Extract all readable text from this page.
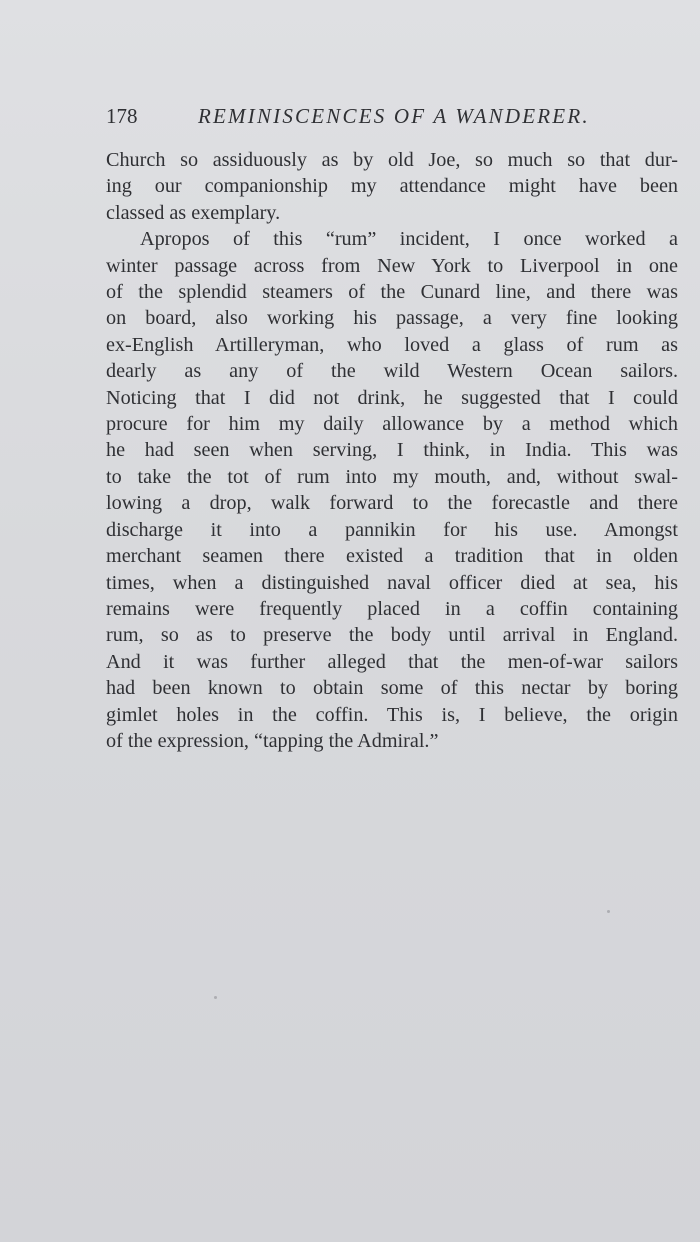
178	REMINISCENCES OF A WANDERER.
Church so assiduously as by old Joe, so much so that dur-
ing our companionship my attendance might have been
classed as exemplary.
Apropos of this “rum” incident, I once worked a
winter passage across from New York to Liverpool in one
of the splendid steamers of the Cunard line, and there was
on board, also working his passage, a very fine looking
ex-English Artilleryman, who loved a glass of rum as
dearly as any of the wild Western Ocean sailors.
Noticing that I did not drink, he suggested that I could
procure for him my daily allowance by a method which
he had seen when serving, I think, in India. This was
to take the tot of rum into my mouth, and, without swal-
lowing a drop, walk forward to the forecastle and there
discharge it into a pannikin for his use. Amongst
merchant seamen there existed a tradition that in olden
times, when a distinguished naval officer died at sea, his
remains were frequently placed in a coffin containing
rum, so as to preserve the body until arrival in England.
And it was further alleged that the men-of-war sailors
had been known to obtain some of this nectar by boring
gimlet holes in the coffin. This is, I believe, the origin
of the expression, “tapping the Admiral.”
